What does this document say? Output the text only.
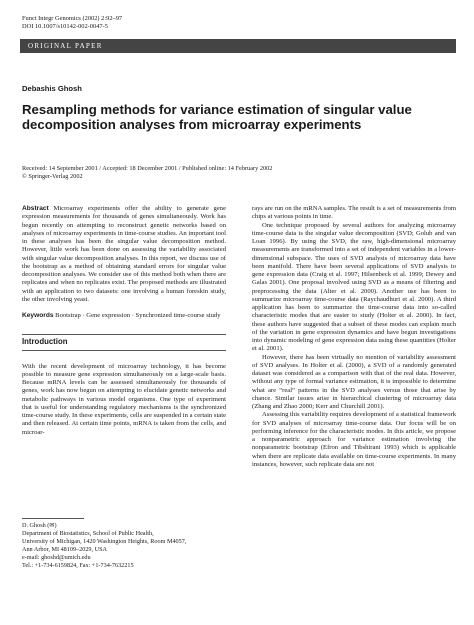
Funct Integr Genomics (2002) 2:92–97
DOI 10.1007/s10142-002-0047-5
ORIGINAL PAPER
Debashis Ghosh
Resampling methods for variance estimation of singular value decomposition analyses from microarray experiments
Received: 14 September 2001 / Accepted: 18 December 2001 / Published online: 14 February 2002
© Springer-Verlag 2002

Abstract Microarray experiments offer the ability to generate gene expression measurements for thousands of genes simultaneously. Work has begun recently on attempting to reconstruct genetic networks based on analyses of microarray experiments in time-course studies. An important tool in these analyses has been the singular value decomposition method. However, little work has been done on assessing the variability associated with singular value decomposition analyses. In this report, we discuss use of the bootstrap as a method of obtaining standard errors for singular value decomposition analyses. We consider use of this method both when there are replicates and when no replicates exist. The proposed methods are illustrated with an application to two datasets: one involving a human foreskin study, the other involving yeast.

Keywords Bootstrap · Gene expression · Synchronized time-course study

Introduction

With the recent development of microarray technology, it has become possible to measure gene expression simultaneously on a large-scale basis. Because mRNA levels can be assessed simultaneously for thousands of genes, work has now begun on attempting to elucidate genetic networks and metabolic pathways in various model organisms. One type of experiment that is useful for understanding regulatory mechanisms is the synchronized time-course study. In these experiments, cells are suspended in a certain state and then released. At certain time points, mRNA is taken from the cells, and microar-

rays are run on the mRNA samples. The result is a set of measurements from chips at various points in time.

One technique proposed by several authors for analyzing microarray time-course data is the singular value decomposition (SVD; Golub and van Loan 1996). By using the SVD, the raw, high-dimensional microarray measurements are transformed into a set of independent variables in a lower-dimensional subspace. The uses of SVD analysis of microarray data have been manifold. There have been several applications of SVD analysis to gene expression data (Craig et al. 1997; Hilsenbeck et al. 1999; Dewey and Galas 2001). One proposal involved using SVD as a means of filtering and preprocessing the data (Alter et al. 2000). Another use has been to summarize microarray time-course data (Raychaudhuri et al. 2000). A third application has been to summarize the time-course data into so-called characteristic modes that are easier to study (Holter et al. 2000). In fact, these authors have suggested that a subset of these modes can explain much of the variation in gene expression dynamics and have begun investigations into dynamic modeling of gene expression data using these quantities (Holter et al. 2001).

However, there has been virtually no mention of variability assessment of SVD analyses. In Holter et al. (2000), a SVD of a randomly generated dataset was considered as a comparison with that of the real data. However, without any type of formal variance estimation, it is impossible to determine what are “real” patterns in the SVD analyses versus those that arise by chance. Similar issues arise in hierarchical clustering of microarray data (Zhang and Zhao 2000; Kerr and Churchill 2001).

Assessing this variability requires development of a statistical framework for SVD analyses of microarray time-course data. Our focus will be on performing inference for the characteristic modes. In this article, we propose a nonparametric approach for variance estimation involving the nonparametric bootstrap (Efron and Tibshirani 1993) which is applicable when there are replicate data available on time-course experiments. In many instances, however, such replicate data are not

D. Ghosh (✉)
Department of Biostatistics, School of Public Health,
University of Michigan, 1420 Washington Heights, Room M4057,
Ann Arbor, MI 48109–2029, USA
e-mail: ghoshd@umich.edu
Tel.: +1-734-6159824, Fax: +1-734-7632215
